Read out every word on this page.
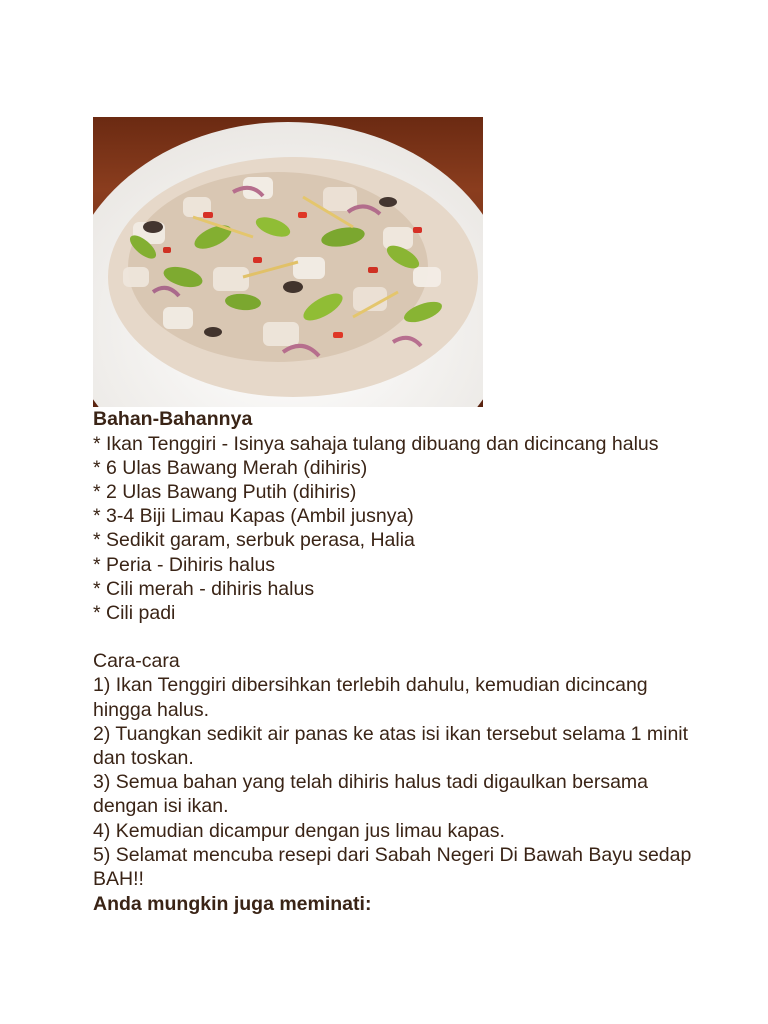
Bahan-Bahannya

* Ikan Tenggiri - Isinya sahaja tulang dibuang dan dicincang halus

* 6 Ulas Bawang Merah (dihiris)

* 2 Ulas Bawang Putih (dihiris)

* 3-4 Biji Limau Kapas (Ambil jusnya)

* Sedikit garam, serbuk perasa, Halia

* Peria - Dihiris halus

* Cili merah - dihiris halus

* Cili padi

Cara-cara

1) Ikan Tenggiri dibersihkan terlebih dahulu, kemudian dicincang hingga halus.

2) Tuangkan sedikit air panas ke atas isi ikan tersebut selama 1 minit dan toskan.

3) Semua bahan yang telah dihiris halus tadi digaulkan bersama dengan isi ikan.

4) Kemudian dicampur dengan jus limau kapas.

5) Selamat mencuba resepi dari Sabah Negeri Di Bawah Bayu sedap BAH!!

Anda mungkin juga meminati:
